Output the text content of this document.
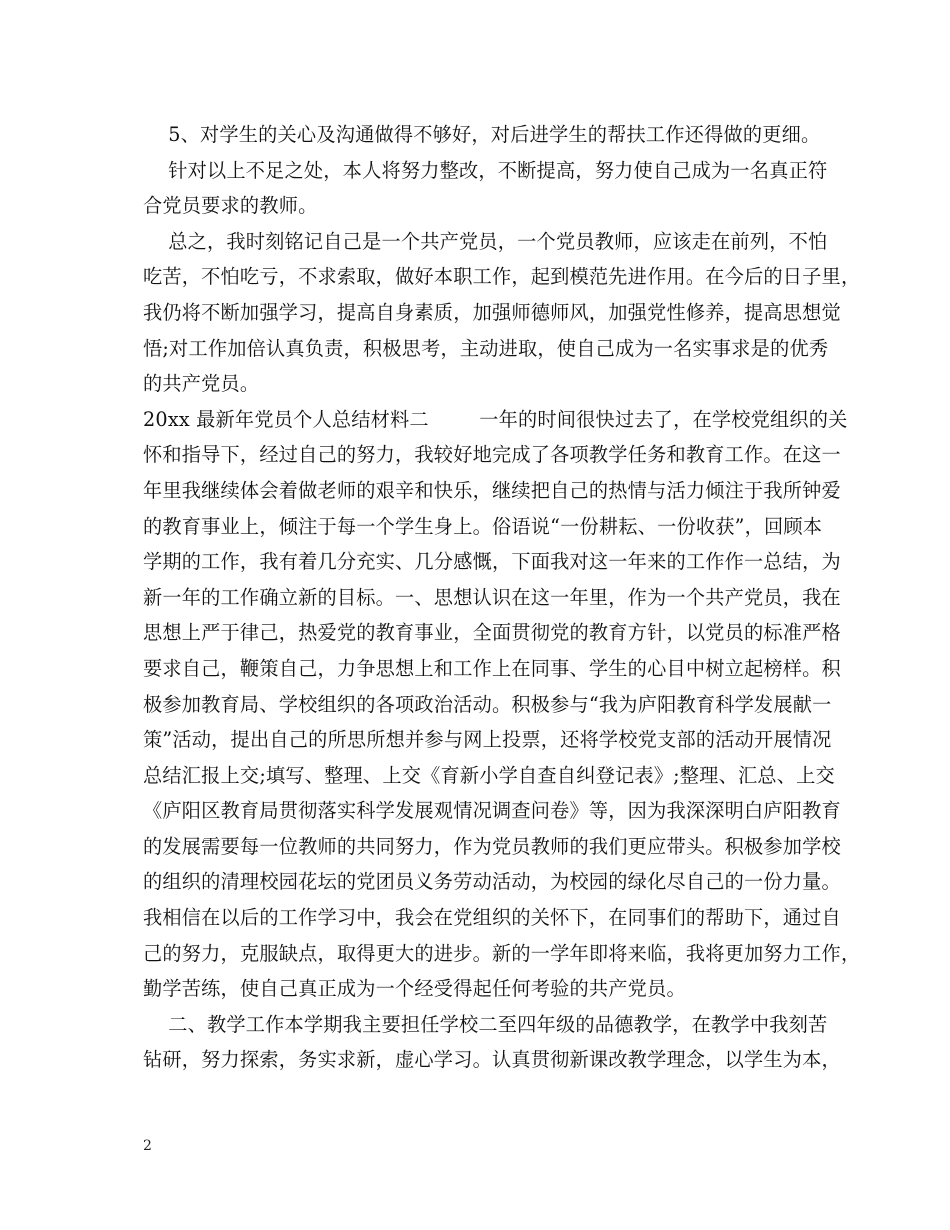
5、对学生的关心及沟通做得不够好，对后进学生的帮扶工作还得做的更细。
针对以上不足之处，本人将努力整改，不断提高，努力使自己成为一名真正符
合党员要求的教师。
总之，我时刻铭记自己是一个共产党员，一个党员教师，应该走在前列，不怕
吃苦，不怕吃亏，不求索取，做好本职工作，起到模范先进作用。在今后的日子里，
我仍将不断加强学习，提高自身素质，加强师德师风，加强党性修养，提高思想觉
悟;对工作加倍认真负责，积极思考，主动进取，使自己成为一名实事求是的优秀
的共产党员。
20xx 最新年党员个人总结材料二        一年的时间很快过去了，在学校党组织的关
怀和指导下，经过自己的努力，我较好地完成了各项教学任务和教育工作。在这一
年里我继续体会着做老师的艰辛和快乐，继续把自己的热情与活力倾注于我所钟爱
的教育事业上，倾注于每一个学生身上。俗语说“一份耕耘、一份收获”，回顾本
学期的工作，我有着几分充实、几分感慨，下面我对这一年来的工作作一总结，为
新一年的工作确立新的目标。一、思想认识在这一年里，作为一个共产党员，我在
思想上严于律己，热爱党的教育事业，全面贯彻党的教育方针，以党员的标准严格
要求自己，鞭策自己，力争思想上和工作上在同事、学生的心目中树立起榜样。积
极参加教育局、学校组织的各项政治活动。积极参与“我为庐阳教育科学发展献一
策”活动，提出自己的所思所想并参与网上投票，还将学校党支部的活动开展情况
总结汇报上交;填写、整理、上交《育新小学自查自纠登记表》;整理、汇总、上交
《庐阳区教育局贯彻落实科学发展观情况调查问卷》等，因为我深深明白庐阳教育
的发展需要每一位教师的共同努力，作为党员教师的我们更应带头。积极参加学校
的组织的清理校园花坛的党团员义务劳动活动，为校园的绿化尽自己的一份力量。
我相信在以后的工作学习中，我会在党组织的关怀下，在同事们的帮助下，通过自
己的努力，克服缺点，取得更大的进步。新的一学年即将来临，我将更加努力工作，
勤学苦练，使自己真正成为一个经受得起任何考验的共产党员。
二、教学工作本学期我主要担任学校二至四年级的品德教学，在教学中我刻苦
钻研，努力探索，务实求新，虚心学习。认真贯彻新课改教学理念，以学生为本，

2
